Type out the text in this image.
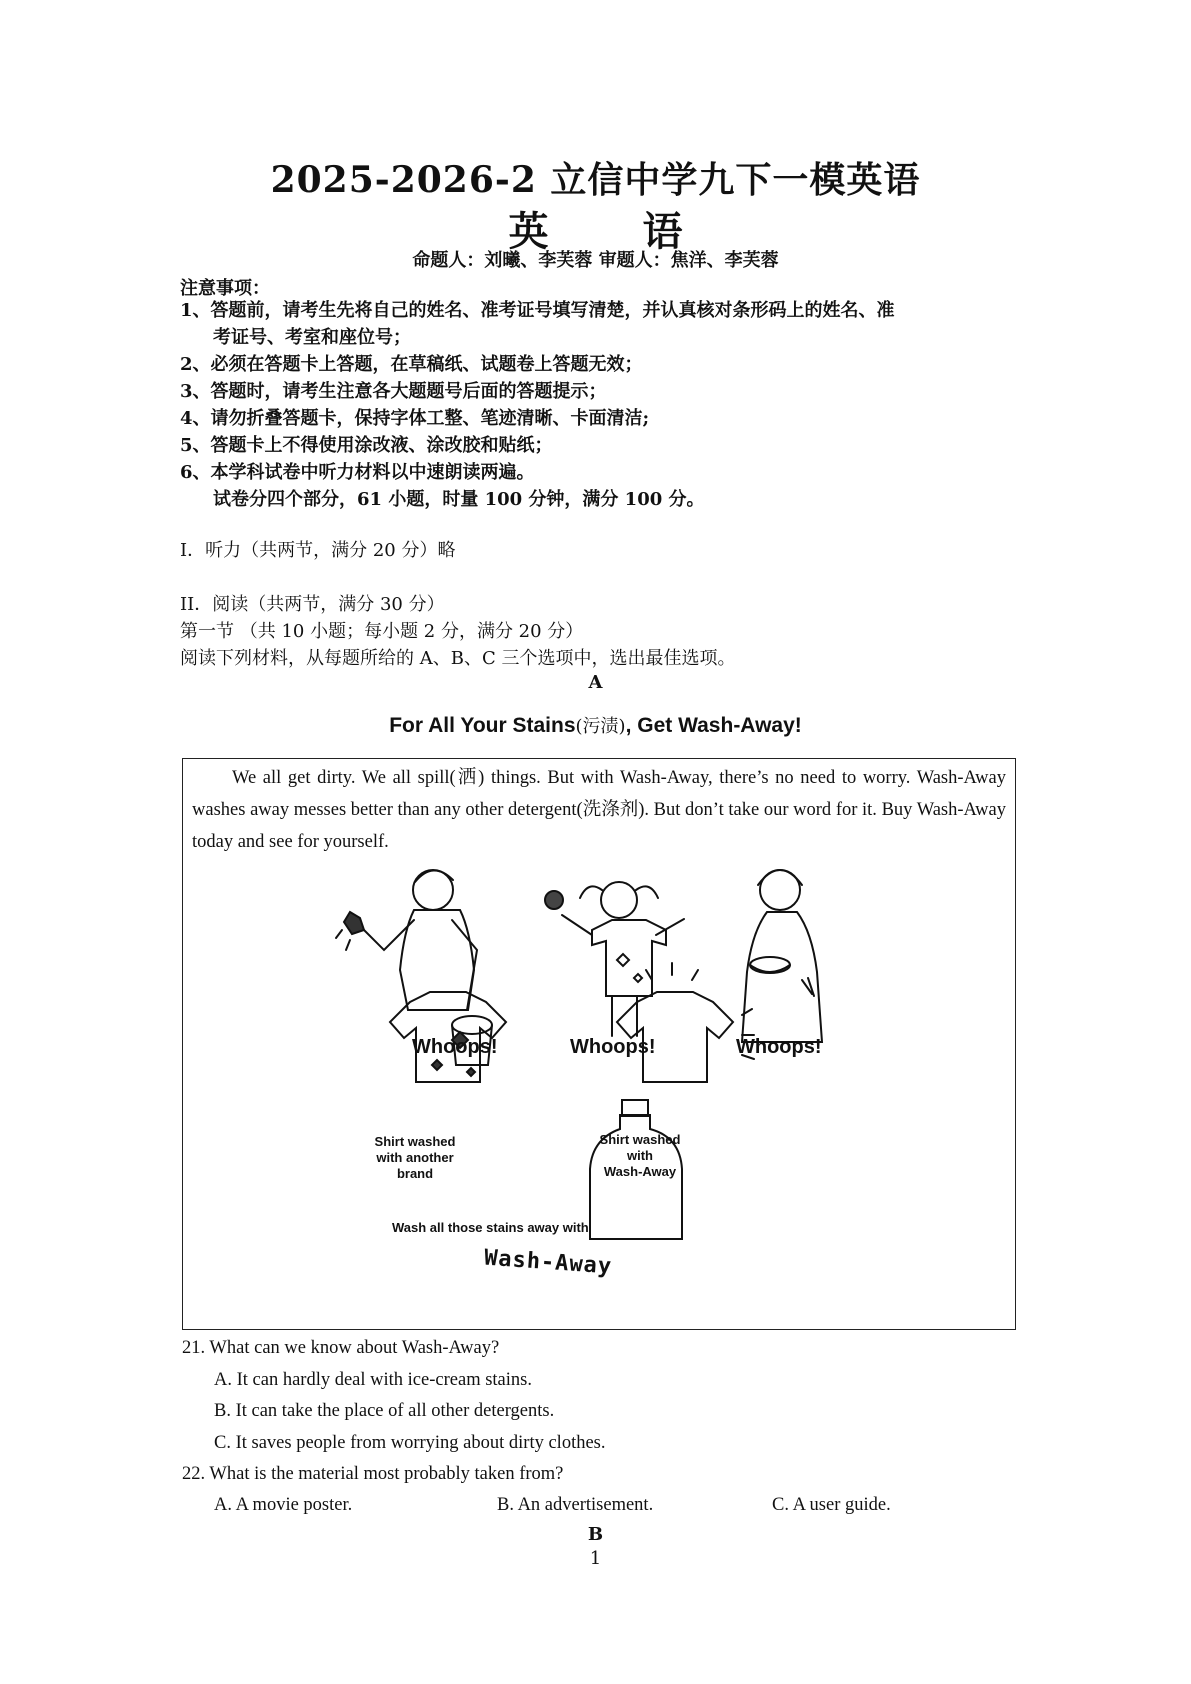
2025-2026-2 立信中学九下一模英语
英 语
命题人：刘曦、李芙蓉 审题人：焦洋、李芙蓉
注意事项：
1、答题前，请考生先将自己的姓名、准考证号填写清楚，并认真核对条形码上的姓名、准
考证号、考室和座位号；
2、必须在答题卡上答题，在草稿纸、试题卷上答题无效；
3、答题时，请考生注意各大题题号后面的答题提示；
4、请勿折叠答题卡，保持字体工整、笔迹清晰、卡面清洁;
5、答题卡上不得使用涂改液、涂改胶和贴纸；
6、本学科试卷中听力材料以中速朗读两遍。
试卷分四个部分，61 小题，时量 100 分钟，满分 100 分。
I．听力（共两节，满分 20 分）略
II．阅读（共两节，满分 30 分）
第一节 （共 10 小题；每小题 2 分，满分 20 分）
阅读下列材料，从每题所给的 A、B、C 三个选项中，选出最佳选项。
A
For All Your Stains(污渍), Get Wash-Away!
We all get dirty. We all spill(洒) things. But with Wash-Away, there’s no need to worry. Wash-Away washes away messes better than any other detergent(洗涤剂). But don’t take our word for it. Buy Wash-Away today and see for yourself.
Whoops!	Whoops!	Whoops!
Shirt washed
with another
brand
Shirt washed
with
Wash-Away
Wash all those stains away with
Wash-Away
21. What can we know about Wash-Away?
A. It can hardly deal with ice-cream stains.
B. It can take the place of all other detergents.
C. It saves people from worrying about dirty clothes.
22. What is the material most probably taken from?
A. A movie poster.	B. An advertisement.	C. A user guide.
B
1
